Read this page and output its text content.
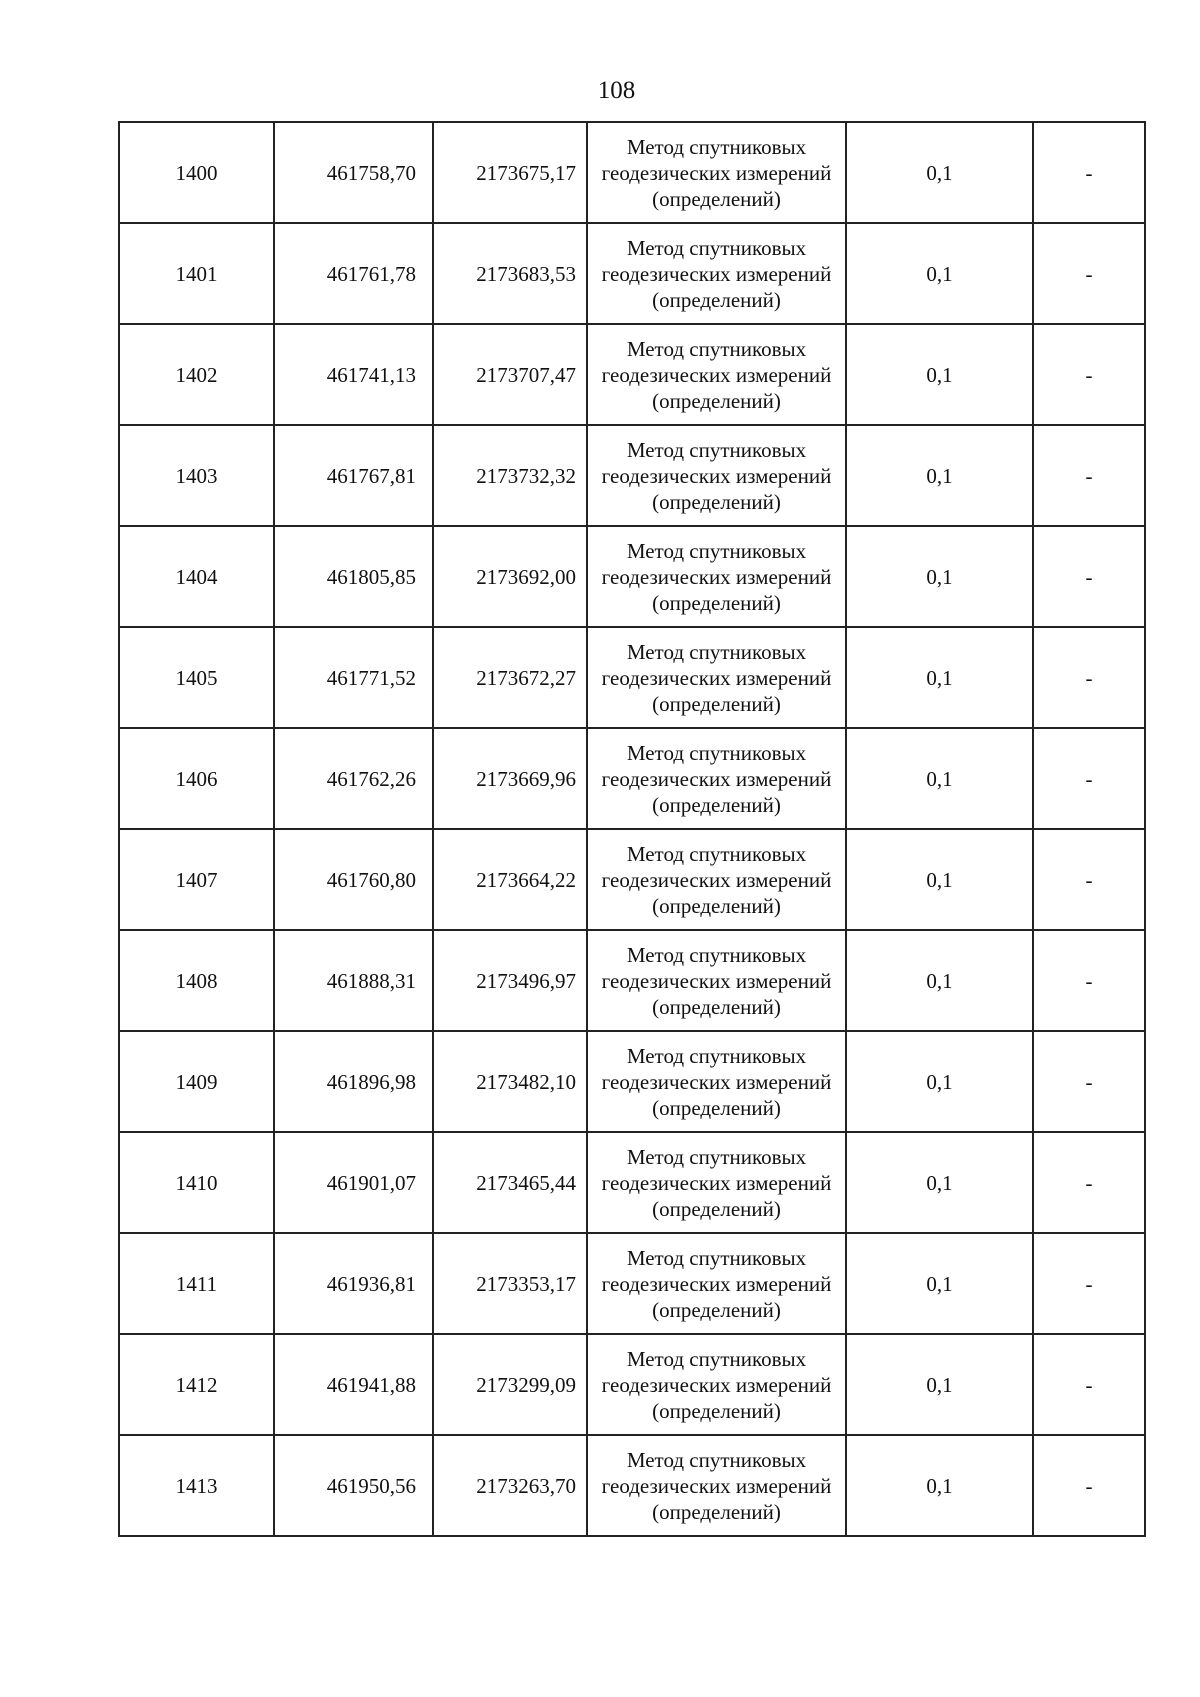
108
1400	461758,70	2173675,17	Метод спутниковых
геодезических измерений
(определений)	0,1	-
1401	461761,78	2173683,53	Метод спутниковых
геодезических измерений
(определений)	0,1	-
1402	461741,13	2173707,47	Метод спутниковых
геодезических измерений
(определений)	0,1	-
1403	461767,81	2173732,32	Метод спутниковых
геодезических измерений
(определений)	0,1	-
1404	461805,85	2173692,00	Метод спутниковых
геодезических измерений
(определений)	0,1	-
1405	461771,52	2173672,27	Метод спутниковых
геодезических измерений
(определений)	0,1	-
1406	461762,26	2173669,96	Метод спутниковых
геодезических измерений
(определений)	0,1	-
1407	461760,80	2173664,22	Метод спутниковых
геодезических измерений
(определений)	0,1	-
1408	461888,31	2173496,97	Метод спутниковых
геодезических измерений
(определений)	0,1	-
1409	461896,98	2173482,10	Метод спутниковых
геодезических измерений
(определений)	0,1	-
1410	461901,07	2173465,44	Метод спутниковых
геодезических измерений
(определений)	0,1	-
1411	461936,81	2173353,17	Метод спутниковых
геодезических измерений
(определений)	0,1	-
1412	461941,88	2173299,09	Метод спутниковых
геодезических измерений
(определений)	0,1	-
1413	461950,56	2173263,70	Метод спутниковых
геодезических измерений
(определений)	0,1	-
